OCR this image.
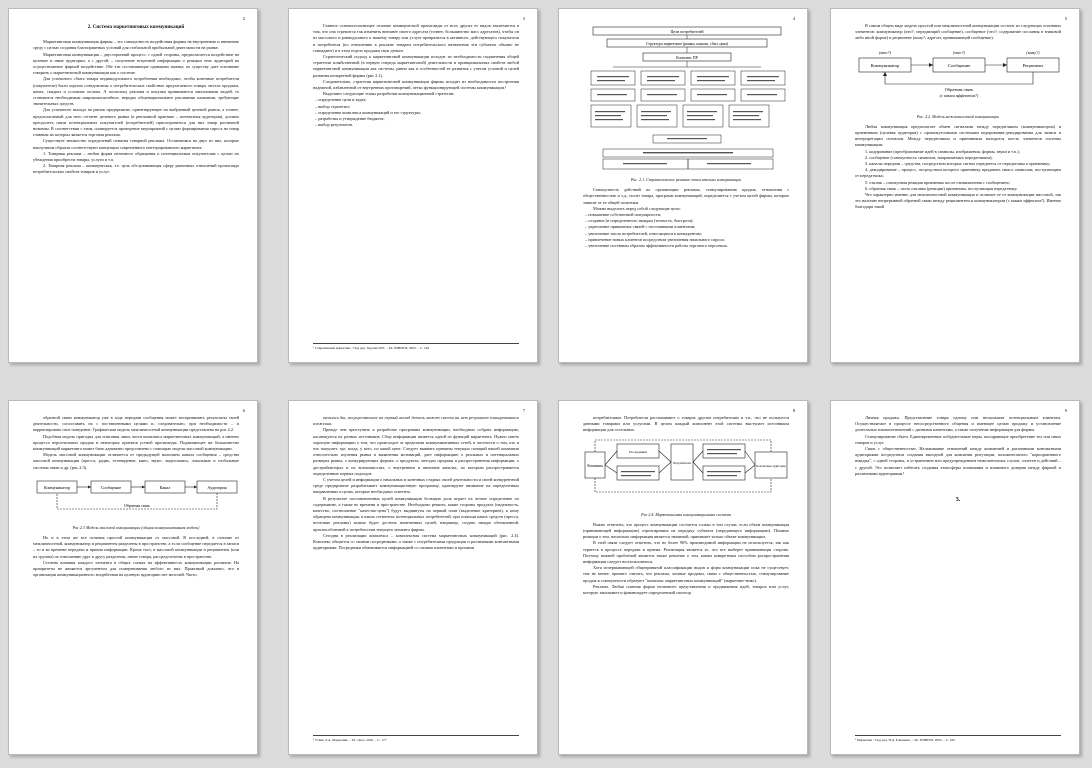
2
2. Система маркетинговых коммуникаций

Маркетинговая коммуникация фирмы – это совокупность воздействия фирмы на внутреннюю и внешнюю среду с целью создания благоприятных условий для стабильной прибыльной деятельности на рынке.

Маркетинговая коммуникация – двусторонний процесс: с одной стороны, предполагается воздействие на целевые и иные аудитории, а с другой, – получение встречной информации о реакции этих аудиторий на осуществляемое фирмой воздействие. Обе эти составляющие одинаково важны; по существу дает основание говорить о маркетинговой коммуникации как о системе.

Для успешного сбыта товара индивидуального потребления необходимо, чтобы конечные потребители (покупатели) были хорошо осведомлены о потребительских свойствах предлагаемого товара, местах продажи, ценах, скидках и условиях оплаты. А поскольку реклама и покупка принимаются миллионами людей, то становится необходимым широкомасштабное, нередко общенациональное рекламные кампании, требующие значительных средств.

Для успешного выхода на рынок предприятие, ориентирующее на выбранный целевой рынок, а точнее, предполагаемый для него сегмент целевого рынка (в рекламной практике – контактная аудитория), должно преодолеть связи потенциальных покупателей (потребителей) присоединиться для них товар различной новизны. В соответствии с этим, планируется проведение мероприятий с целью формирования спроса на товар главным их которых является торговая реклама.

Существует множество определений понятия товарной рекламы. Остановимся на двух из них, которые наилучшим образом соответствуют концепции современного интегрированного маркетинга:

1. Товарная реклама – любая форма неличного обращения к потенциальным покупателям с целью их убеждения приобрести товары, услуги и т.п.

2. Товарная реклама – коммерческая, т.е. цель обслуживающая сферу рыночных отношений пропаганда потребительских свойств товаров и услуг.

3

Главное основополагающее отличие коммерческой пропаганды от всех других ее видов заключается в том, что она стремится так изменить внешнее своего адресата (точнее, большинство масс адресатов), чтобы он из массового и равнодушного к нашему товару или услуге превратился в активного, действующего покупателя и потребителя (по отношению к рекламе товарам потребительского назначения эти субъекты обычно не совпадают) и в этом отделе продажи свои деньги.

Стратегический подход к маркетинговой коммуникации исходит из необходимости подчинения общей стратегии хозяйственной (в первую очередь маркетинговой) деятельности и принципиальных свойств любой маркетинговой коммуникации как системы, равно как и особенностей ее развития с учетом условий и целей развития конкретной фирмы (рис 2.1).

Следовательно, стратегия маркетинговой коммуникации фирмы исходит из необходимости построения надежной, избавленной от внутренних противоречий, четко функционирующей системы коммуникации.¹

Выделяют следующие этапы разработки коммуникационной стратегии:

– определение цели и задач;
– выбор стратегии;
– определение комплекса коммуникаций и его структуры;
– разработка и утверждение бюджета;
– выбор результатов.
¹ Современный маркетинг / Под ред. Хрулева В.Е. – М.: ЮНИТИ, 2002. – С. 146
4
Цели потребителей
Структура маркетинга (рынки, каналы, сбыт, цена)
Комплекс ПР
Рис. 2.1. Стратегическое решение относительно коммуникации

Совокупность действий по организации рекламы, стимулированию продаж, отношения с общественностью и т.д., носит товара, программ коммуникаций, определяется с учетом целей фирмы, которые зависят от ее общей политики.

Можно выделить перед собой следующие цели:

– повышение собственной популярности;
– создание (и определенного имиджа (точность, быстрота);
– укрепление привычных связей с постоянными клиентами;
– увеличение числа потребителей, относящихся к конкурентам;
– привлечение новых клиентов посредством увеличения начального спроса;
– увеличение посевным образом эффективности работы торгового персонала.
5

В самом общем виде модель простой или межличностной коммуникации состоит из следующих основных элементов: коммуникатор (кто?; передающий сообщение), сообщение (что?; содержание послания в знаковой либо иной форме) и реципиент (кому?; адресат, принимающий сообщение).

(кто?)	(что?)	(кому?)
Коммуникатор	Сообщение	Реципиент
Обратная связь
(с каким эффектом?)
Рис. 2.2. Модель межличностной коммуникации

Любая коммуникация предполагает обмен сигналами между передатчиком (коммуникатором) и приемником (целевая аудитория) с промежуточными системами кодирования-декодирования для записи и интерпретации сигналов. Между передатчиком и приемником находится шесть элементов системы коммуникации:

1. кодирование (преобразование идей в символы, изображения, формы, звуки и т.п.);

2. сообщение (совокупность символов, направляемых передатчиком);

3. каналы передачи – средства, посредством которых сигнал передается от передатчика к приемнику;

4. декодирование – процесс, посредством которого приемнику придавать смысл символам, поступающим от передатчика;

5. отклик – совокупная реакция приемника после ознакомления с сообщением;

6. обратная связь – часть отклика (реакции) приемника, поступающая передатчику.

Что характерно именно для межличностной коммуникации и отличает ее от коммуникации массовой, так это наличие непрерывной обратной связи между реципиентом и коммуникатором (с каким эффектом?). Именно благодаря такой

6

обратной связи коммуникатор уже в ходе передачи сообщения может воспринимать результаты своей деятельности, сопоставить их с поставленными целями и, следовательно, при необходимости – и корректировать свое поведение. Графическая модель межличностной коммуникации представлена на рис.2.2.

Подобная модель пригодна для описания лишь части комплекса маркетинговых коммуникаций, а именно процесса персональных продаж и некоторых приемов устной пропаганды. Подавляющее же большинство коммуникаций маркетинга может быть адекватно представлено с помощью модели массовой коммуникации.

Модель массовой коммуникации отличается от предыдущей наличием канала сообщения – средства массовой коммуникации (пресса, радио, телевидение, кино, звуко-, видеозапись, локальные и глобальные системы связи и др. (рис.2.3).

Коммуникатор	Сообщение	Канал	Аудитория
Обратная связь
Рис 2.3 Модель массовой коммуникации (общая коммуникативная модель)

Но и в этом же все отличия простой коммуникации от массовой. В последней, в отличие от межличностной, коммуникатор и реципиенты разделены в пространстве, а если сообщение передается в записи – то и во времени передачи и приема информации. Кроме того, в массовой коммуникации и реципиенты (или их группы) по отношению друг к другу разделены, иначе говоря, рассредоточены в пространстве.

Степень влияния каждого элемента в общих схемах на эффективность коммуникации различна. На приоритеты не являются аргументом для пожертвования любого из них. Практикой доказано, что в организации коммуникационного воздействия на целевую аудиторию нет мелочей. Часто,

7

казалось бы, несущественное на первый взгляд деталь может свести на нет результат планированного вложения.

Прежде чем приступить к разработке программы коммуникации, необходимо собрать информацию, касающуюся их разных источников. Сбор информации является одной из функций маркетинга. Нужно иметь хорошую информацию о том, что происходит за пределами коммуникативных сетей, в частности о том, кто и что покупает, где, когда, у кого, по какой цене. Следует выявить причины текущих позиций вашей компании относительно изучения рынка и выявления мотиваций, дает информацию о реальных и потенциальных размерах рынка, о конкурирующих формах, о продуктах, методах продажи и распространения информации, о дистрибьюторах и их возможностях, о внутреннем и внешнем каналах, по которым распространяется определенные первых подходов.

С учетом целей и информации о начальных и конечных стадиях своей деятельности и своей конкурентной среде предприятие разрабатывает коммуникационную программу, адаптируют внимание на определенных направлениях в целях, которые необходимо осветить.

В результате постановленных целей коммуникации большую роль играет их четкое определение по содержанию, а также во времени и пространстве. Необходимо решить, какие стороны продукта (надежность, качество, соотношение "качество-цена") будут выдвинуты на первый план (выделение критериев), к кому обращена коммуникация, в каких сегментах потенциальных потребителей, при помощи каких средств (пресса, почтовые рекламы) можно будет достичь намеченных целей, например, создать имидж обновленной, приспособленной к потребностям текущего момента фирмы.

Сегодня в реализации комплекса – комплексная система маркетинговых коммуникаций (рис. 2.4). Комплекс общается со своими посредниками, а также с потребителями продукции и различными контактными аудиториями. Посредники обменивается информацией со своими клиентами и прочими

¹ Уткин Э.А. Маркетинг. – М.: Дело, 2002. – С. 177
8

потребителями. Потребители рассказывают о товарах другим потребителям и т.п., что не пользуется данными товарами или услугами. В целом каждый компонент этой системы выступает источником информации для остальных.

Компания
Посредники
Потребители
Контактные аудитории
Рис 2.4. Маркетинговая коммуникационная система

Важно отметить, что процесс коммуникации состоится только в том случае, если объем коммуникации (принимающей информацию) отреагирована на передачу субъекта (передающего информацию). Помимо реакции о том, насколько информация является значимой, принимает только объект коммуникации.

В этой связи следует отметить, что не более 90% производимой информации не используется, так как теряется в процессе передачи и приема. Реализация является то, что все выберет принимающая сторона. Поэтому важной проблемой является также решение о том, каким конкретным способом распространения информации следует воспользоваться.

Хотя исчерпывающей общепринятой классификации видов и форм коммуникации пока не существует, тем не менее, принято считать, что реклама, личные продажи, связи с общественностью, стимулирование продаж в совокупности образуют "комплекс маркетинговых коммуникаций" (маркетинг-микс).

Реклама. Любая платная форма неличного представления и продвижения идей, товаров или услуг, которую заказывает и финансирует определенный спонсор.

9

Личная продажа. Представление товара одному или нескольким потенциальным клиентам. Осуществляемое в процессе непосредственного общения и имеющее целью продажу и установление длительных взаимоотношений с данными клиентами, а также получение информации для фирмы.

Стимулирование сбыта. Единовременные побудительные меры, поощряющие приобретение тех или иных товаров и услуг.

Связь с общественностью. Налаживание отношений между компанией и различными контактными аудиториями посредством создания выгодной для компании репутации, положительного "корпоративного имиджа", с одной стороны, и устранением или предупреждением нежелательных слухов, сплетен и действий – с другой. Это позволяет избегать создания атмосферы понимания и взаимного доверия между фирмой и различными аудиториями.¹

3.
¹ Маркетинг / Под ред. Н.Д. Еляшенко. – М.: ЮНИТИ, 2003. – С. 182
